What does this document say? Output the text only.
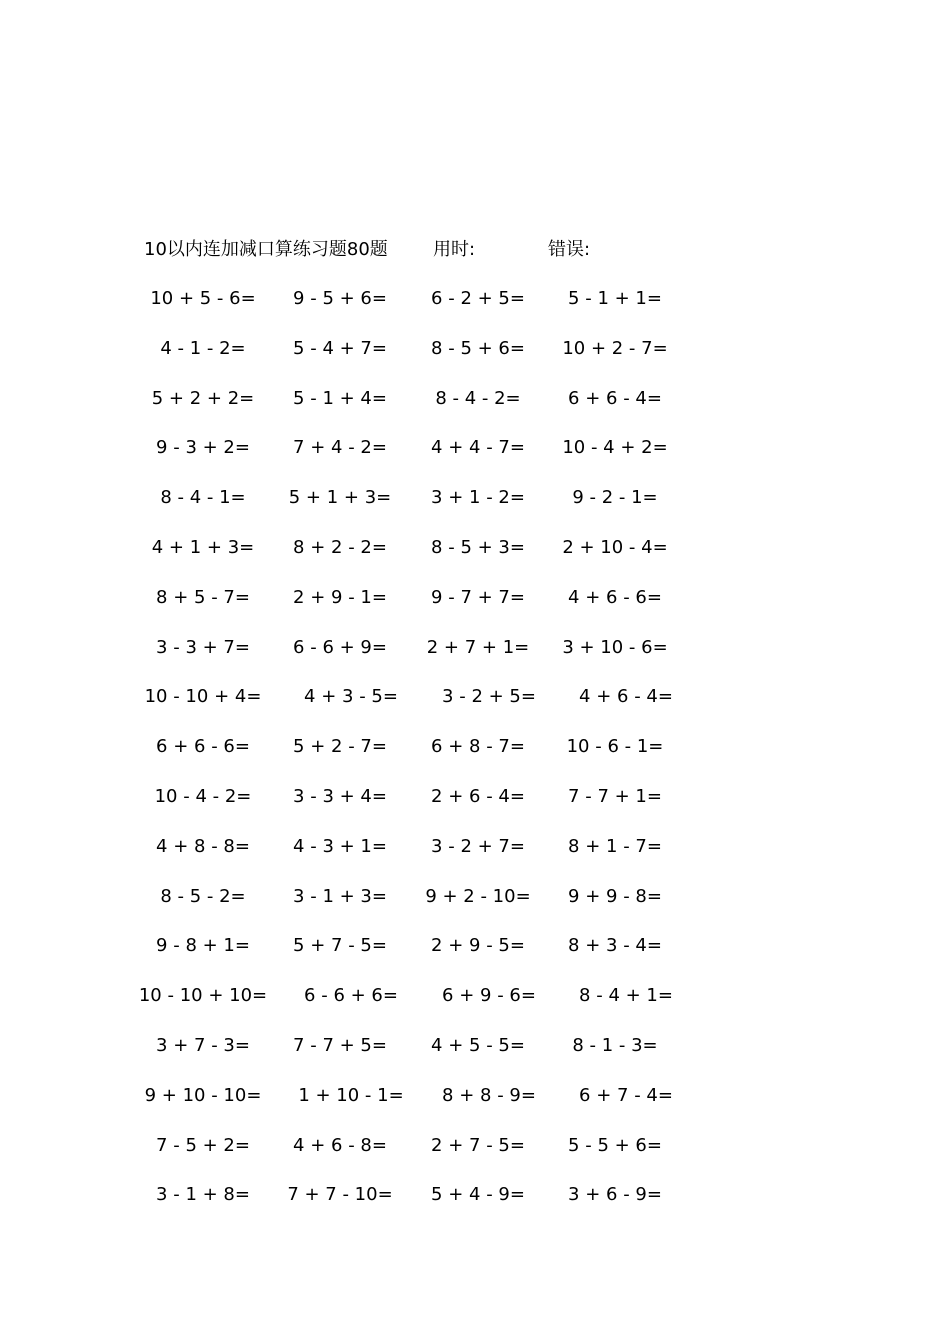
10以内连加减口算练习题80题	用时:	错误:
10 + 5 - 6=	9 - 5 + 6=	6 - 2 + 5=	5 - 1 + 1=
4 - 1 - 2=	5 - 4 + 7=	8 - 5 + 6=	10 + 2 - 7=
5 + 2 + 2=	5 - 1 + 4=	8 - 4 - 2=	6 + 6 - 4=
9 - 3 + 2=	7 + 4 - 2=	4 + 4 - 7=	10 - 4 + 2=
8 - 4 - 1=	5 + 1 + 3=	3 + 1 - 2=	9 - 2 - 1=
4 + 1 + 3=	8 + 2 - 2=	8 - 5 + 3=	2 + 10 - 4=
8 + 5 - 7=	2 + 9 - 1=	9 - 7 + 7=	4 + 6 - 6=
3 - 3 + 7=	6 - 6 + 9=	2 + 7 + 1=	3 + 10 - 6=
10 - 10 + 4=	4 + 3 - 5=	3 - 2 + 5=	4 + 6 - 4=
6 + 6 - 6=	5 + 2 - 7=	6 + 8 - 7=	10 - 6 - 1=
10 - 4 - 2=	3 - 3 + 4=	2 + 6 - 4=	7 - 7 + 1=
4 + 8 - 8=	4 - 3 + 1=	3 - 2 + 7=	8 + 1 - 7=
8 - 5 - 2=	3 - 1 + 3=	9 + 2 - 10=	9 + 9 - 8=
9 - 8 + 1=	5 + 7 - 5=	2 + 9 - 5=	8 + 3 - 4=
10 - 10 + 10=	6 - 6 + 6=	6 + 9 - 6=	8 - 4 + 1=
3 + 7 - 3=	7 - 7 + 5=	4 + 5 - 5=	8 - 1 - 3=
9 + 10 - 10=	1 + 10 - 1=	8 + 8 - 9=	6 + 7 - 4=
7 - 5 + 2=	4 + 6 - 8=	2 + 7 - 5=	5 - 5 + 6=
3 - 1 + 8=	7 + 7 - 10=	5 + 4 - 9=	3 + 6 - 9=
